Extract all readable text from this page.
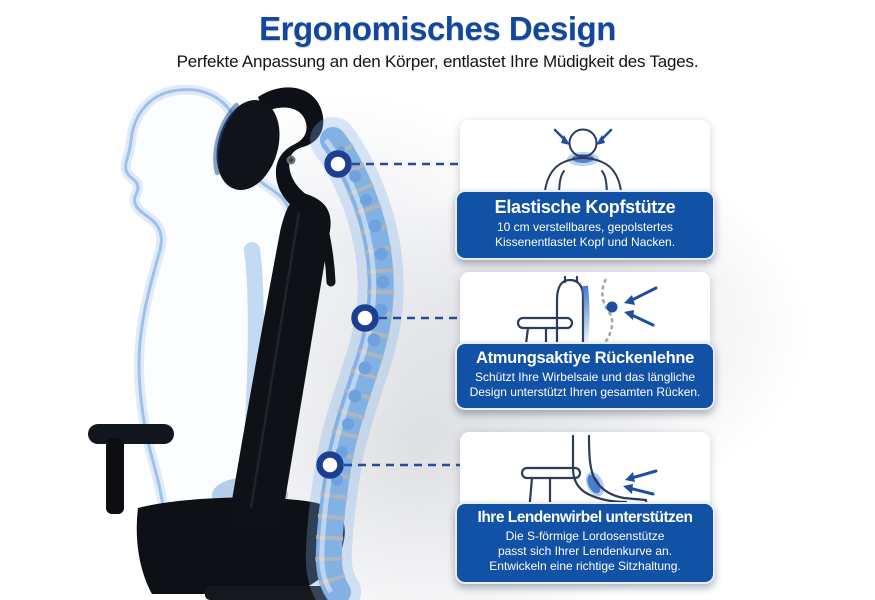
Ergonomisches Design

Perfekte Anpassung an den Körper, entlastet Ihre Müdigkeit des Tages.

Elastische Kopfstütze
10 cm verstellbares, gepolstertes
Kissenentlastet Kopf und Nacken.
Atmungsaktiye Rückenlehne
Schützt Ihre Wirbelsaie und das längliche
Design unterstützt Ihren gesamten Rücken.
Ihre Lendenwirbel unterstützen
Die S-förmige Lordosenstütze
passt sich Ihrer Lendenkurve an.
Entwickeln eine richtige Sitzhaltung.
